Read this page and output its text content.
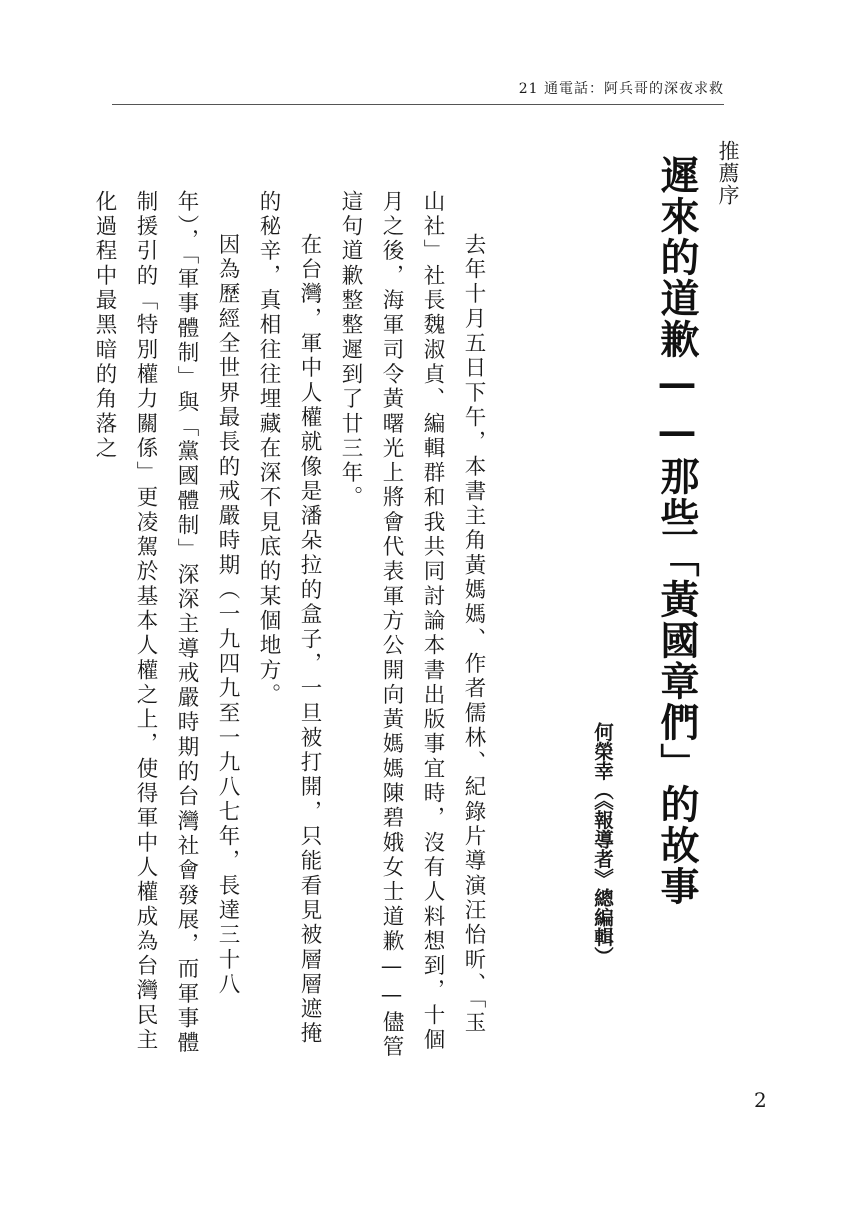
21 通電話：阿兵哥的深夜求救
推薦序
遲來的道歉——那些「黃國章們」的故事
何榮幸（《報導者》總編輯）

去年十月五日下午，本書主角黃媽媽、作者儒林、紀錄片導演汪怡昕、「玉山社」社長魏淑貞、編輯群和我共同討論本書出版事宜時，沒有人料想到，十個月之後，海軍司令黃曙光上將會代表軍方公開向黃媽媽陳碧娥女士道歉——儘管這句道歉整整遲到了廿三年。

在台灣，軍中人權就像是潘朵拉的盒子，一旦被打開，只能看見被層層遮掩的秘辛，真相往往埋藏在深不見底的某個地方。

因為歷經全世界最長的戒嚴時期（一九四九至一九八七年，長達三十八年），「軍事體制」與「黨國體制」深深主導戒嚴時期的台灣社會發展，而軍事體制援引的「特別權力關係」更凌駕於基本人權之上，使得軍中人權成為台灣民主化過程中最黑暗的角落之

2
